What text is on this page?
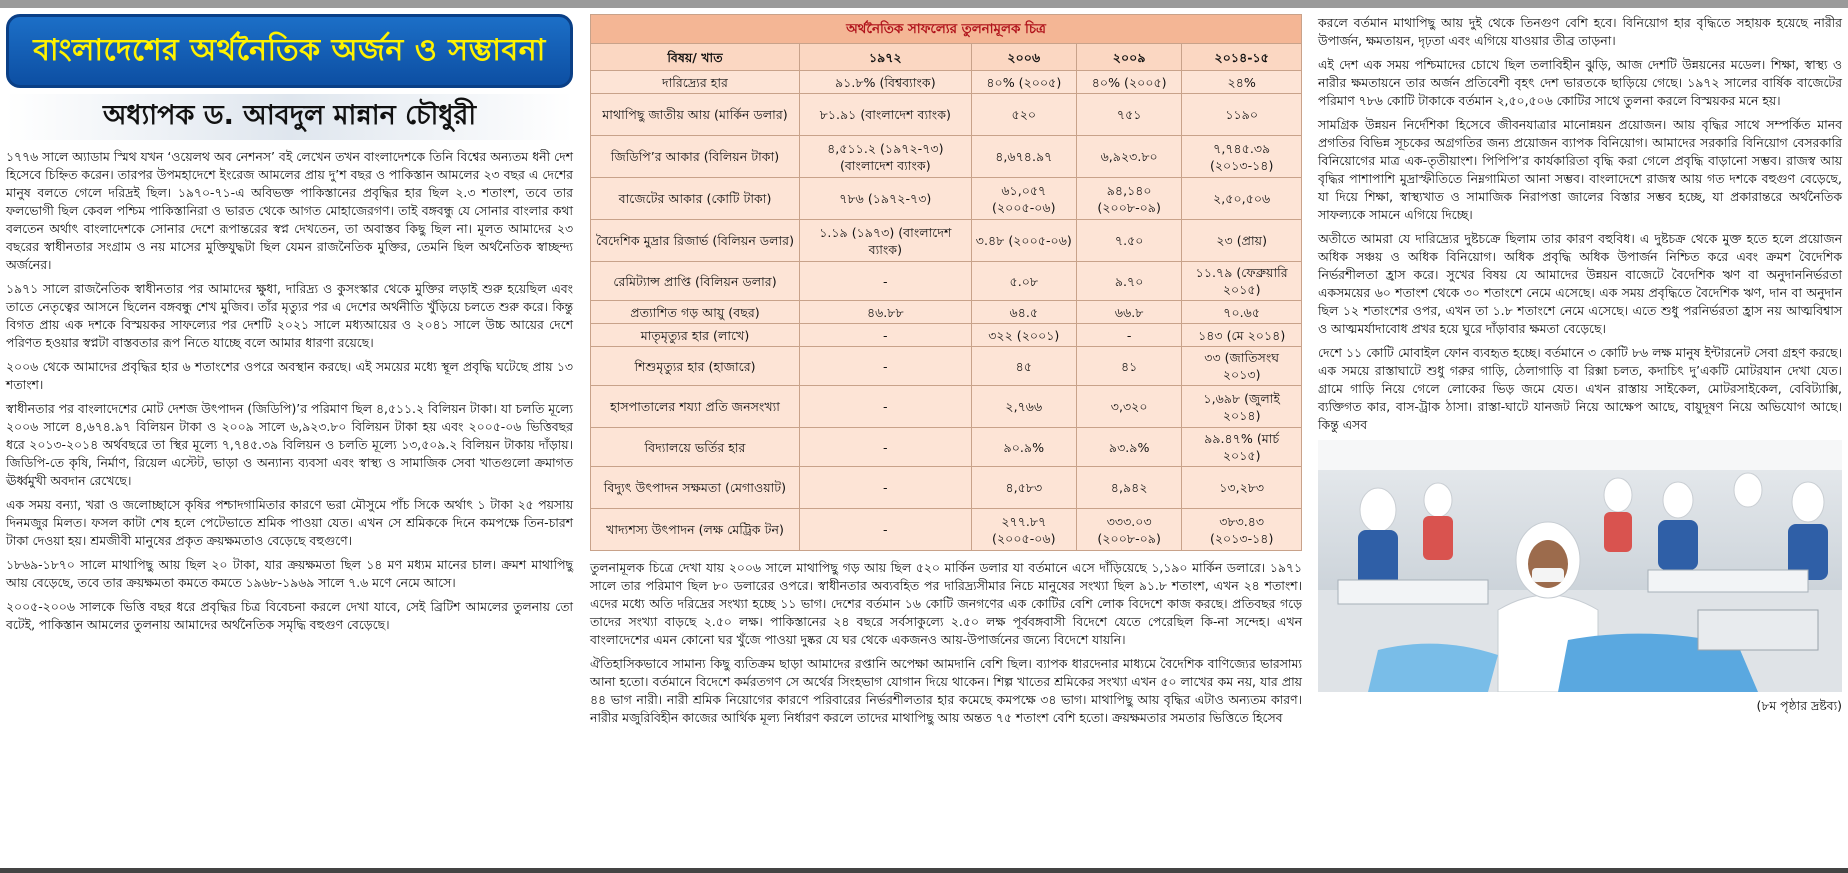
বাংলাদেশের অর্থনৈতিক অর্জন ও সম্ভাবনা
অধ্যাপক ড. আবদুল মান্নান চৌধুরী

১৭৭৬ সালে অ্যাডাম স্মিথ যখন ‘ওয়েলথ অব নেশনস’ বই লেখেন তখন বাংলাদেশকে তিনি বিশ্বের অন্যতম ধনী দেশ হিসেবে চিহ্নিত করেন। তারপর উপমহাদেশে ইংরেজ আমলের প্রায় দু’শ বছর ও পাকিস্তান আমলের ২৩ বছর এ দেশের মানুষ বলতে গেলে দরিদ্রই ছিল। ১৯৭০-৭১-এ অবিভক্ত পাকিস্তানের প্রবৃদ্ধির হার ছিল ২.৩ শতাংশ, তবে তার ফলভোগী ছিল কেবল পশ্চিম পাকিস্তানিরা ও ভারত থেকে আগত মোহাজেরগণ। তাই বঙ্গবন্ধু যে সোনার বাংলার কথা বলতেন অর্থাৎ বাংলাদেশকে সোনার দেশে রূপান্তরের স্বপ্ন দেখতেন, তা অবাস্তব কিছু ছিল না। মূলত আমাদের ২৩ বছরের স্বাধীনতার সংগ্রাম ও নয় মাসের মুক্তিযুদ্ধটা ছিল যেমন রাজনৈতিক মুক্তির, তেমনি ছিল অর্থনৈতিক স্বাচ্ছন্দ্য অর্জনের।

১৯৭১ সালে রাজনৈতিক স্বাধীনতার পর আমাদের ক্ষুধা, দারিদ্র্য ও কুসংস্কার থেকে মুক্তির লড়াই শুরু হয়েছিল এবং তাতে নেতৃত্বের আসনে ছিলেন বঙ্গবন্ধু শেখ মুজিব। তাঁর মৃত্যুর পর এ দেশের অর্থনীতি খুঁড়িয়ে চলতে শুরু করে। কিন্তু বিগত প্রায় এক দশকে বিস্ময়কর সাফল্যের পর দেশটি ২০২১ সালে মধ্যআয়ের ও ২০৪১ সালে উচ্চ আয়ের দেশে পরিণত হওয়ার স্বপ্নটা বাস্তবতার রূপ নিতে যাচ্ছে বলে আমার ধারণা রয়েছে।

২০০৬ থেকে আমাদের প্রবৃদ্ধির হার ৬ শতাংশের ওপরে অবস্থান করছে। এই সময়ের মধ্যে স্থূল প্রবৃদ্ধি ঘটেছে প্রায় ১৩ শতাংশ।

স্বাধীনতার পর বাংলাদেশের মোট দেশজ উৎপাদন (জিডিপি)’র পরিমাণ ছিল ৪,৫১১.২ বিলিয়ন টাকা। যা চলতি মূল্যে ২০০৬ সালে ৪,৬৭৪.৯৭ বিলিয়ন টাকা ও ২০০৯ সালে ৬,৯২৩.৮০ বিলিয়ন টাকা হয় এবং ২০০৫-০৬ ভিত্তিবছর ধরে ২০১৩-২০১৪ অর্থবছরে তা স্থির মূল্যে ৭,৭৪৫.৩৯ বিলিয়ন ও চলতি মূল্যে ১৩,৫০৯.২ বিলিয়ন টাকায় দাঁড়ায়। জিডিপি-তে কৃষি, নির্মাণ, রিয়েল এস্টেট, ভাড়া ও অন্যান্য ব্যবসা এবং স্বাস্থ্য ও সামাজিক সেবা খাতগুলো ক্রমাগত ঊর্ধ্বমুখী অবদান রেখেছে।

এক সময় বন্যা, খরা ও জলোচ্ছাসে কৃষির পশ্চাদগামিতার কারণে ভরা মৌসুমে পাঁচ সিকে অর্থাৎ ১ টাকা ২৫ পয়সায় দিনমজুর মিলত। ফসল কাটা শেষ হলে পেটেভাতে শ্রমিক পাওয়া যেত। এখন সে শ্রমিককে দিনে কমপক্ষে তিন-চারশ টাকা দেওয়া হয়। শ্রমজীবী মানুষের প্রকৃত ক্রয়ক্ষমতাও বেড়েছে বহুগুণে।

১৮৬৯-১৮৭০ সালে মাথাপিছু আয় ছিল ২০ টাকা, যার ক্রয়ক্ষমতা ছিল ১৪ মণ মধ্যম মানের চাল। ক্রমশ মাথাপিছু আয় বেড়েছে, তবে তার ক্রয়ক্ষমতা কমতে কমতে ১৯৬৮-১৯৬৯ সালে ৭.৬ মণে নেমে আসে।

২০০৫-২০০৬ সালকে ভিত্তি বছর ধরে প্রবৃদ্ধির চিত্র বিবেচনা করলে দেখা যাবে, সেই ব্রিটিশ আমলের তুলনায় তো বটেই, পাকিস্তান আমলের তুলনায় আমাদের অর্থনৈতিক সমৃদ্ধি বহুগুণ বেড়েছে।

অর্থনৈতিক সাফল্যের তুলনামূলক চিত্র				
বিষয়/ খাত	১৯৭২	২০০৬	২০০৯	২০১৪-১৫
দারিদ্র্যের হার	৯১.৮% (বিশ্বব্যাংক)	৪০% (২০০৫)	৪০% (২০০৫)	২৪%
মাথাপিছু জাতীয় আয় (মার্কিন ডলার)	৮১.৯১ (বাংলাদেশ ব্যাংক)	৫২০	৭৫১	১১৯০
জিডিপি’র আকার (বিলিয়ন টাকা)	৪,৫১১.২ (১৯৭২-৭৩) (বাংলাদেশ ব্যাংক)	৪,৬৭৪.৯৭	৬,৯২৩.৮০	৭,৭৪৫.৩৯ (২০১৩-১৪)
বাজেটের আকার (কোটি টাকা)	৭৮৬ (১৯৭২-৭৩)	৬১,০৫৭ (২০০৫-০৬)	৯৪,১৪০ (২০০৮-০৯)	২,৫০,৫০৬
বৈদেশিক মুদ্রার রিজার্ভ (বিলিয়ন ডলার)	১.১৯ (১৯৭৩) (বাংলাদেশ ব্যাংক)	৩.৪৮ (২০০৫-০৬)	৭.৫০	২৩ (প্রায়)
রেমিট্যান্স প্রাপ্তি (বিলিয়ন ডলার)	-	৫.০৮	৯.৭০	১১.৭৯ (ফেব্রুয়ারি ২০১৫)
প্রত্যাশিত গড় আয়ু (বছর)	৪৬.৮৮	৬৪.৫	৬৬.৮	৭০.৬৫
মাতৃমৃত্যুর হার (লাখে)	-	৩২২ (২০০১)	-	১৪৩ (মে ২০১৪)
শিশুমৃত্যুর হার (হাজারে)	-	৪৫	৪১	৩৩ (জাতিসংঘ ২০১৩)
হাসপাতালের শয্যা প্রতি জনসংখ্যা	-	২,৭৬৬	৩,৩২০	১,৬৯৮ (জুলাই ২০১৪)
বিদ্যালয়ে ভর্তির হার	-	৯০.৯%	৯৩.৯%	৯৯.৪৭% (মার্চ ২০১৫)
বিদ্যুৎ উৎপাদন সক্ষমতা (মেগাওয়াট)	-	৪,৫৮৩	৪,৯৪২	১৩,২৮৩
খাদ্যশস্য উৎপাদন (লক্ষ মেট্রিক টন)	-	২৭৭.৮৭ (২০০৫-০৬)	৩৩৩.০৩ (২০০৮-০৯)	৩৮৩.৪৩ (২০১৩-১৪)

তুলনামূলক চিত্রে দেখা যায় ২০০৬ সালে মাথাপিছু গড় আয় ছিল ৫২০ মার্কিন ডলার যা বর্তমানে এসে দাঁড়িয়েছে ১,১৯০ মার্কিন ডলারে। ১৯৭১ সালে তার পরিমাণ ছিল ৮০ ডলারের ওপরে। স্বাধীনতার অব্যবহিত পর দারিদ্র্যসীমার নিচে মানুষের সংখ্যা ছিল ৯১.৮ শতাংশ, এখন ২৪ শতাংশ। এদের মধ্যে অতি দরিদ্রের সংখ্যা হচ্ছে ১১ ভাগ। দেশের বর্তমান ১৬ কোটি জনগণের এক কোটির বেশি লোক বিদেশে কাজ করছে। প্রতিবছর গড়ে তাদের সংখ্যা বাড়ছে ২.৫০ লক্ষ। পাকিস্তানের ২৪ বছরে সর্বসাকুল্যে ২.৫০ লক্ষ পূর্ববঙ্গবাসী বিদেশে যেতে পেরেছিল কি-না সন্দেহ। এখন বাংলাদেশের এমন কোনো ঘর খুঁজে পাওয়া দুষ্কর যে ঘর থেকে একজনও আয়-উপার্জনের জন্যে বিদেশে যায়নি।

ঐতিহাসিকভাবে সামান্য কিছু ব্যতিক্রম ছাড়া আমাদের রপ্তানি অপেক্ষা আমদানি বেশি ছিল। ব্যাপক ধারদেনার মাধ্যমে বৈদেশিক বাণিজ্যের ভারসাম্য আনা হতো। বর্তমানে বিদেশে কর্মরতগণ সে অর্থের সিংহভাগ যোগান দিয়ে থাকেন। শিল্প খাতের শ্রমিকের সংখ্যা এখন ৫০ লাখের কম নয়, যার প্রায় ৪৪ ভাগ নারী। নারী শ্রমিক নিয়োগের কারণে পরিবারের নির্ভরশীলতার হার কমেছে কমপক্ষে ৩৪ ভাগ। মাথাপিছু আয় বৃদ্ধির এটাও অন্যতম কারণ। নারীর মজুরিবিহীন কাজের আর্থিক মূল্য নির্ধারণ করলে তাদের মাথাপিছু আয় অন্তত ৭৫ শতাংশ বেশি হতো। ক্রয়ক্ষমতার সমতার ভিত্তিতে হিসেব

করলে বর্তমান মাথাপিছু আয় দুই থেকে তিনগুণ বেশি হবে। বিনিয়োগ হার বৃদ্ধিতে সহায়ক হয়েছে নারীর উপার্জন, ক্ষমতায়ন, দৃঢ়তা এবং এগিয়ে যাওয়ার তীব্র তাড়না।

এই দেশ এক সময় পশ্চিমাদের চোখে ছিল তলাবিহীন ঝুড়ি, আজ দেশটি উন্নয়নের মডেল। শিক্ষা, স্বাস্থ্য ও নারীর ক্ষমতায়নে তার অর্জন প্রতিবেশী বৃহৎ দেশ ভারতকে ছাড়িয়ে গেছে। ১৯৭২ সালের বার্ষিক বাজেটের পরিমাণ ৭৮৬ কোটি টাকাকে বর্তমান ২,৫০,৫০৬ কোটির সাথে তুলনা করলে বিস্ময়কর মনে হয়।

সামগ্রিক উন্নয়ন নির্দেশিকা হিসেবে জীবনযাত্রার মানোন্নয়ন প্রয়োজন। আয় বৃদ্ধির সাথে সম্পর্কিত মানব প্রগতির বিভিন্ন সূচকের অগ্রগতির জন্য প্রয়োজন ব্যাপক বিনিয়োগ। আমাদের সরকারি বিনিয়োগ বেসরকারি বিনিয়োগের মাত্র এক-তৃতীয়াংশ। পিপিপি’র কার্যকারিতা বৃদ্ধি করা গেলে প্রবৃদ্ধি বাড়ানো সম্ভব। রাজস্ব আয় বৃদ্ধির পাশাপাশি মুদ্রাস্ফীতিতে নিম্নগামিতা আনা সম্ভব। বাংলাদেশে রাজস্ব আয় গত দশকে বহুগুণ বেড়েছে, যা দিয়ে শিক্ষা, স্বাস্থ্যখাত ও সামাজিক নিরাপত্তা জালের বিস্তার সম্ভব হচ্ছে, যা প্রকারান্তরে অর্থনৈতিক সাফল্যকে সামনে এগিয়ে দিচ্ছে।

অতীতে আমরা যে দারিদ্র্যের দুষ্টচক্রে ছিলাম তার কারণ বহুবিধ। এ দুষ্টচক্র থেকে মুক্ত হতে হলে প্রয়োজন অধিক সঞ্চয় ও অধিক বিনিয়োগ। অধিক প্রবৃদ্ধি অধিক উপার্জন নিশ্চিত করে এবং ক্রমশ বৈদেশিক নির্ভরশীলতা হ্রাস করে। সুখের বিষয় যে আমাদের উন্নয়ন বাজেটে বৈদেশিক ঋণ বা অনুদাননির্ভরতা একসময়ের ৬০ শতাংশ থেকে ৩০ শতাংশে নেমে এসেছে। এক সময় প্রবৃদ্ধিতে বৈদেশিক ঋণ, দান বা অনুদান ছিল ১২ শতাংশের ওপর, এখন তা ১.৮ শতাংশে নেমে এসেছে। এতে শুধু পরনির্ভরতা হ্রাস নয় আত্মবিশ্বাস ও আত্মমর্যাদাবোধ প্রখর হয়ে ঘুরে দাঁড়াবার ক্ষমতা বেড়েছে।

দেশে ১১ কোটি মোবাইল ফোন ব্যবহৃত হচ্ছে। বর্তমানে ৩ কোটি ৮৬ লক্ষ মানুষ ইন্টারনেট সেবা গ্রহণ করছে। এক সময়ে রাস্তাঘাটে শুধু গরুর গাড়ি, ঠেলাগাড়ি বা রিক্সা চলত, কদাচিৎ দু’একটি মোটরযান দেখা যেত। গ্রামে গাড়ি নিয়ে গেলে লোকের ভিড় জমে যেত। এখন রাস্তায় সাইকেল, মোটরসাইকেল, বেবিট্যাক্সি, ব্যক্তিগত কার, বাস-ট্রাক ঠাসা। রাস্তা-ঘাটে যানজট নিয়ে আক্ষেপ আছে, বায়ুদূষণ নিয়ে অভিযোগ আছে। কিন্তু এসব

(৮ম পৃষ্ঠার দ্রষ্টব্য)
